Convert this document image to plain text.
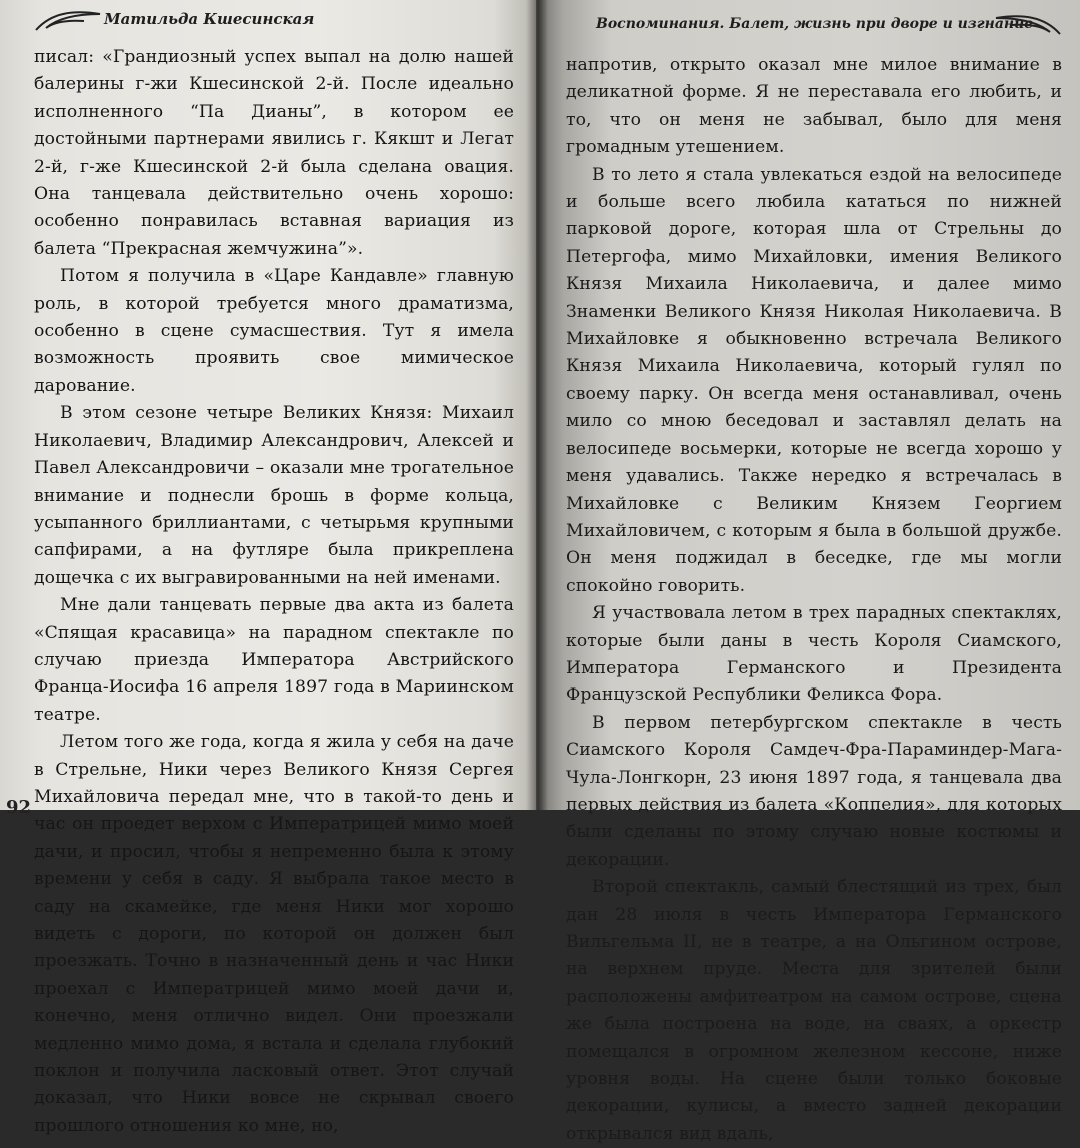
Матильда Кшесинская

писал: «Грандиозный успех выпал на долю нашей балерины г-жи Кшесинской 2-й. После идеально исполненного “Па Дианы”, в котором ее достойными партнерами явились г. Кякшт и Легат 2-й, г-же Кшесинской 2-й была сделана овация. Она танцевала действительно очень хорошо: особенно понравилась вставная вариация из балета “Прекрасная жемчужина”».

Потом я получила в «Царе Кандавле» главную роль, в которой требуется много драматизма, особенно в сцене сумасшествия. Тут я имела возможность проявить свое мимическое дарование.

В этом сезоне четыре Великих Князя: Михаил Николаевич, Владимир Александрович, Алексей и Павел Александровичи – оказали мне трогательное внимание и поднесли брошь в форме кольца, усыпанного бриллиантами, с четырьмя крупными сапфирами, а на футляре была прикреплена дощечка с их выгравированными на ней именами.

Мне дали танцевать первые два акта из балета «Спящая красавица» на парадном спектакле по случаю приезда Императора Австрийского Франца-Иосифа 16 апреля 1897 года в Мариинском театре.

Летом того же года, когда я жила у себя на даче в Стрельне, Ники через Великого Князя Сергея Михайловича передал мне, что в такой-то день и час он проедет верхом с Императрицей мимо моей дачи, и просил, чтобы я непременно была к этому времени у себя в саду. Я выбрала такое место в саду на скамейке, где меня Ники мог хорошо видеть с дороги, по которой он должен был проезжать. Точно в назначенный день и час Ники проехал с Императрицей мимо моей дачи и, конечно, меня отлично видел. Они проезжали медленно мимо дома, я встала и сделала глубокий поклон и получила ласковый ответ. Этот случай доказал, что Ники вовсе не скрывал своего прошлого отношения ко мне, но,

92
Воспоминания. Балет, жизнь при дворе и изгнание

напротив, открыто оказал мне милое внимание в деликатной форме. Я не переставала его любить, и то, что он меня не забывал, было для меня громадным утешением.

В то лето я стала увлекаться ездой на велосипеде и больше всего любила кататься по нижней парковой дороге, которая шла от Стрельны до Петергофа, мимо Михайловки, имения Великого Князя Михаила Николаевича, и далее мимо Знаменки Великого Князя Николая Николаевича. В Михайловке я обыкновенно встречала Великого Князя Михаила Николаевича, который гулял по своему парку. Он всегда меня останавливал, очень мило со мною беседовал и заставлял делать на велосипеде восьмерки, которые не всегда хорошо у меня удавались. Также нередко я встречалась в Михайловке с Великим Князем Георгием Михайловичем, с которым я была в большой дружбе. Он меня поджидал в беседке, где мы могли спокойно говорить.

Я участвовала летом в трех парадных спектаклях, которые были даны в честь Короля Сиамского, Императора Германского и Президента Французской Республики Феликса Фора.

В первом петербургском спектакле в честь Сиамского Короля Самдеч-Фра-Параминдер-Мага-Чула-Лонгкорн, 23 июня 1897 года, я танцевала два первых действия из балета «Коппелия», для которых были сделаны по этому случаю новые костюмы и декорации.

Второй спектакль, самый блестящий из трех, был дан 28 июля в честь Императора Германского Вильгельма II, не в театре, а на Ольгином острове, на верхнем пруде. Места для зрителей были расположены амфитеатром на самом острове, сцена же была построена на воде, на сваях, а оркестр помещался в огромном железном кессоне, ниже уровня воды. На сцене были только боковые декорации, кулисы, а вместо задней декорации открывался вид вдаль,
